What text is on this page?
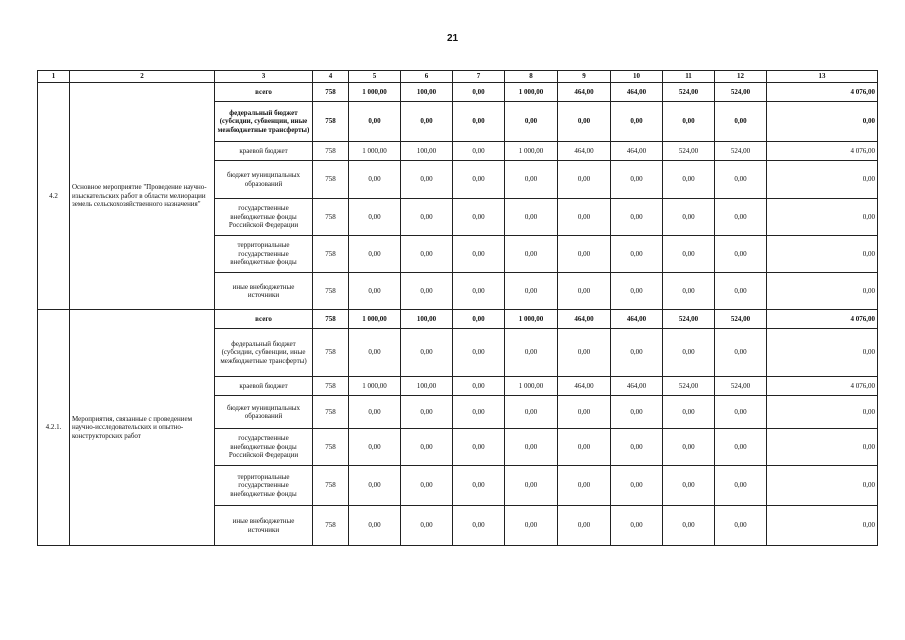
21
1	2	3	4	5	6	7	8	9	10	11	12	13
4.2	Основное мероприятие "Проведение научно-изыскательских работ в области мелиорации земель сельскохозяйственного назначения"	всего	758	1 000,00	100,00	0,00	1 000,00	464,00	464,00	524,00	524,00	4 076,00
		федеральный бюджет (субсидии, субвенции, иные межбюджетные трансферты)	758	0,00	0,00	0,00	0,00	0,00	0,00	0,00	0,00	0,00
		краевой бюджет	758	1 000,00	100,00	0,00	1 000,00	464,00	464,00	524,00	524,00	4 076,00
		бюджет муниципальных образований	758	0,00	0,00	0,00	0,00	0,00	0,00	0,00	0,00	0,00
		государственные внебюджетные фонды Российской Федерации	758	0,00	0,00	0,00	0,00	0,00	0,00	0,00	0,00	0,00
		территориальные государственные внебюджетные фонды	758	0,00	0,00	0,00	0,00	0,00	0,00	0,00	0,00	0,00
		иные внебюджетные источники	758	0,00	0,00	0,00	0,00	0,00	0,00	0,00	0,00	0,00
4.2.1.	Мероприятия, связанные с проведением научно-исследовательских и опытно-конструкторских работ	всего	758	1 000,00	100,00	0,00	1 000,00	464,00	464,00	524,00	524,00	4 076,00
		федеральный бюджет (субсидии, субвенции, иные межбюджетные трансферты)	758	0,00	0,00	0,00	0,00	0,00	0,00	0,00	0,00	0,00
		краевой бюджет	758	1 000,00	100,00	0,00	1 000,00	464,00	464,00	524,00	524,00	4 076,00
		бюджет муниципальных образований	758	0,00	0,00	0,00	0,00	0,00	0,00	0,00	0,00	0,00
		государственные внебюджетные фонды Российской Федерации	758	0,00	0,00	0,00	0,00	0,00	0,00	0,00	0,00	0,00
		территориальные государственные внебюджетные фонды	758	0,00	0,00	0,00	0,00	0,00	0,00	0,00	0,00	0,00
		иные внебюджетные источники	758	0,00	0,00	0,00	0,00	0,00	0,00	0,00	0,00	0,00
